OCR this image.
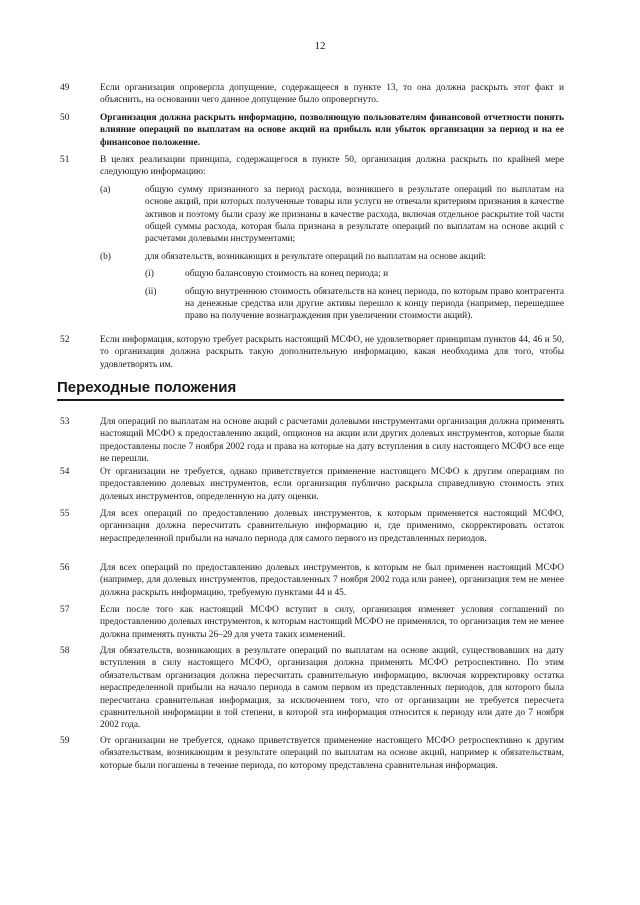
12
49	Если организация опровергла допущение, содержащееся в пункте 13, то она должна раскрыть этот факт и объяснить, на основании чего данное допущение было опровергнуто.
50	Организация должна раскрыть информацию, позволяющую пользователям финансовой отчетности понять влияние операций по выплатам на основе акций на прибыль или убыток организации за период и на ее финансовое положение.
51	В целях реализации принципа, содержащегося в пункте 50, организация должна раскрыть по крайней мере следующую информацию:
(a)	общую сумму признанного за период расхода, возникшего в результате операций по выплатам на основе акций, при которых полученные товары или услуги не отвечали критериям признания в качестве активов и поэтому были сразу же признаны в качестве расхода, включая отдельное раскрытие той части общей суммы расхода, которая была признана в результате операций по выплатам на основе акций с расчетами долевыми инструментами;
(b)	для обязательств, возникающих в результате операций по выплатам на основе акций:
(i)	общую балансовую стоимость на конец периода; и
(ii)	общую внутреннюю стоимость обязательств на конец периода, по которым право контрагента на денежные средства или другие активы перешло к концу периода (например, перешедшее право на получение вознаграждения при увеличении стоимости акций).
52	Если информация, которую требует раскрыть настоящий МСФО, не удовлетворяет принципам пунктов 44, 46 и 50, то организация должна раскрыть такую дополнительную информацию, какая необходима для того, чтобы удовлетворять им.
Переходные положения
53	Для операций по выплатам на основе акций с расчетами долевыми инструментами организация должна применять настоящий МСФО к предоставлению акций, опционов на акции или других долевых инструментов, которые были предоставлены после 7 ноября 2002 года и права на которые на дату вступления в силу настоящего МСФО все еще не перешли.
54	От организации не требуется, однако приветствуется применение настоящего МСФО к другим операциям по предоставлению долевых инструментов, если организация публично раскрыла справедливую стоимость этих долевых инструментов, определенную на дату оценки.
55	Для всех операций по предоставлению долевых инструментов, к которым применяется настоящий МСФО, организация должна пересчитать сравнительную информацию и, где применимо, скорректировать остаток нераспределенной прибыли на начало периода для самого первого из представленных периодов.
56	Для всех операций по предоставлению долевых инструментов, к которым не был применен настоящий МСФО (например, для долевых инструментов, предоставленных 7 ноября 2002 года или ранее), организация тем не менее должна раскрыть информацию, требуемую пунктами 44 и 45.
57	Если после того как настоящий МСФО вступит в силу, организация изменяет условия соглашений по предоставлению долевых инструментов, к которым настоящий МСФО не применялся, то организация тем не менее должна применять пункты 26–29 для учета таких изменений.
58	Для обязательств, возникающих в результате операций по выплатам на основе акций, существовавших на дату вступления в силу настоящего МСФО, организация должна применять МСФО ретроспективно. По этим обязательствам организация должна пересчитать сравнительную информацию, включая корректировку остатка нераспределенной прибыли на начало периода в самом первом из представленных периодов, для которого была пересчитана сравнительная информация, за исключением того, что от организации не требуется пересчета сравнительной информации в той степени, в которой эта информация относится к периоду или дате до 7 ноября 2002 года.
59	От организации не требуется, однако приветствуется применение настоящего МСФО ретроспективно к другим обязательствам, возникающим в результате операций по выплатам на основе акций, например к обязательствам, которые были погашены в течение периода, по которому представлена сравнительная информация.
